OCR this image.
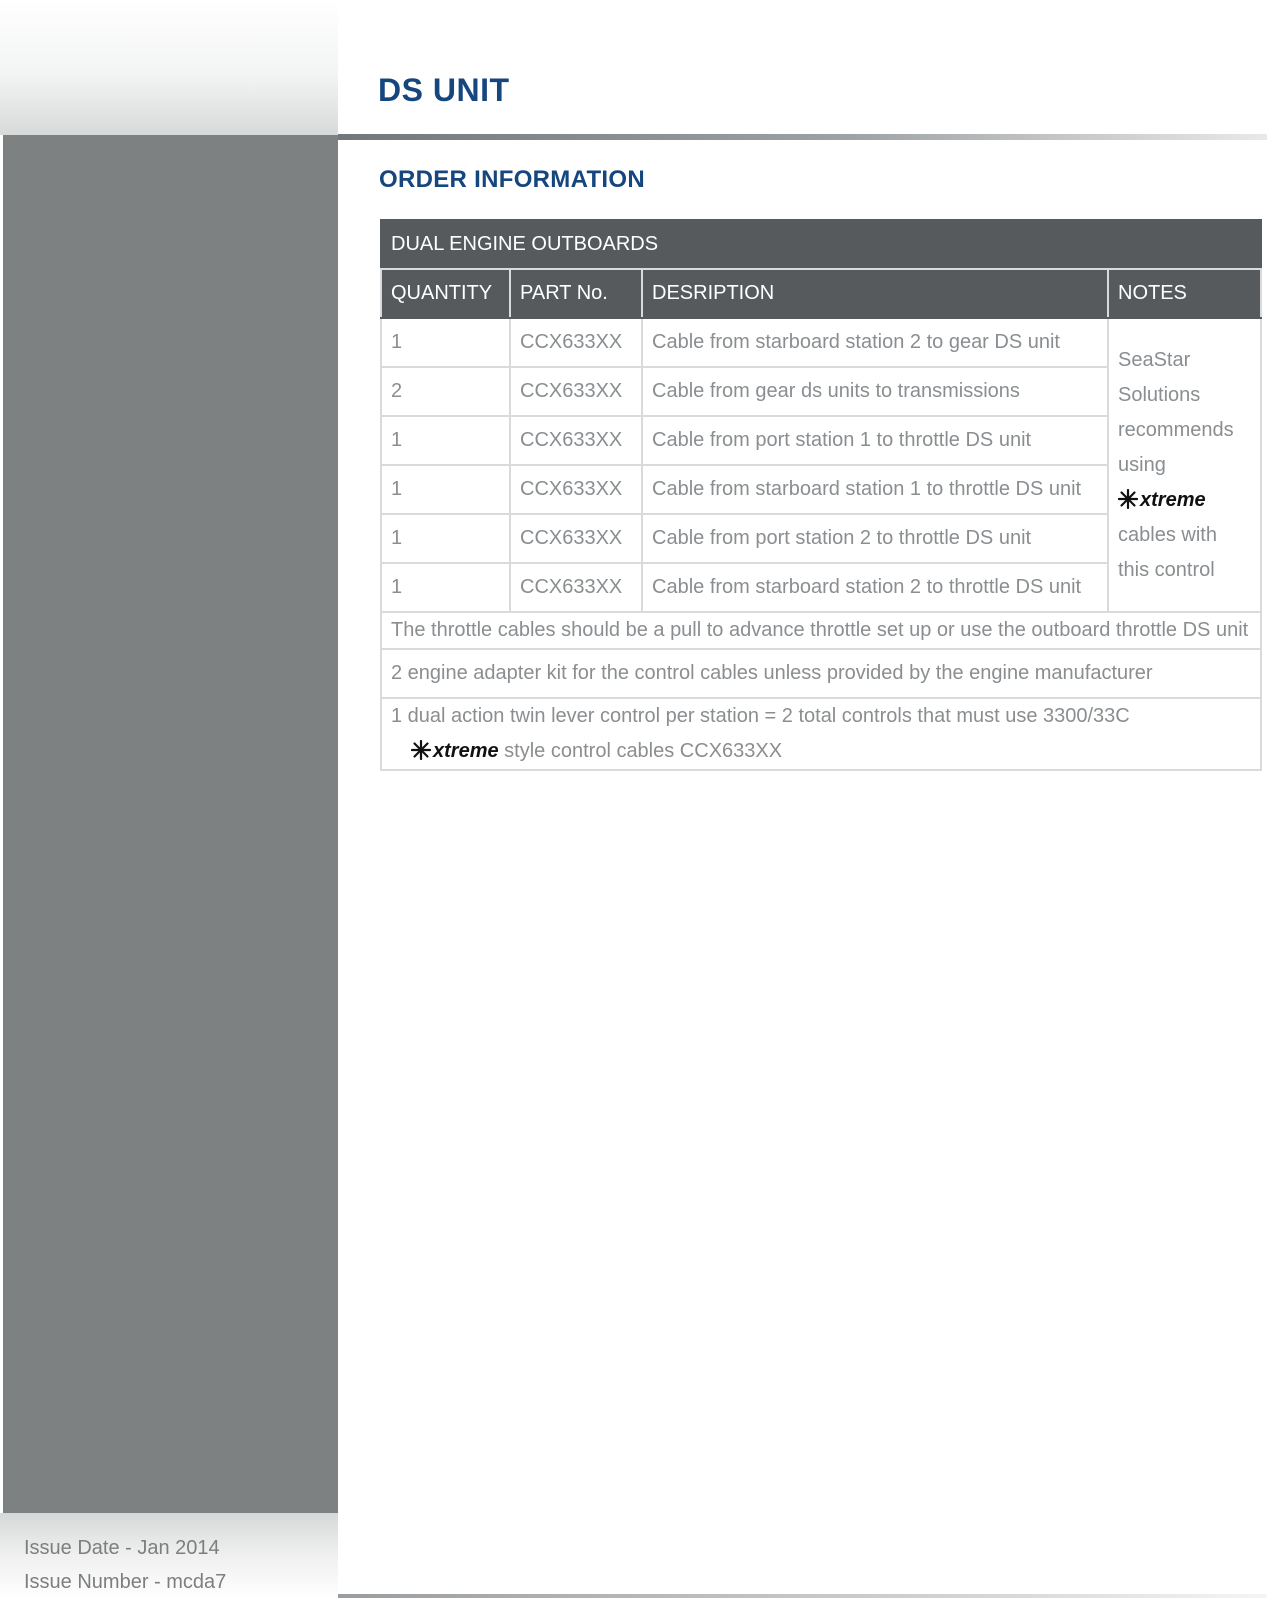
Issue Date - Jan 2014
Issue Number - mcda7
DS UNIT
ORDER INFORMATION
DUAL ENGINE OUTBOARDS			
QUANTITY	PART No.	DESRIPTION	NOTES
1	CCX633XX	Cable from starboard station 2 to gear DS unit	SeaStar Solutions recommends using
xtreme cables with this control
2	CCX633XX	Cable from gear ds units to transmissions	
1	CCX633XX	Cable from port station 1 to throttle DS unit	
1	CCX633XX	Cable from starboard station 1 to throttle DS unit	
1	CCX633XX	Cable from port station 2 to throttle DS unit	
1	CCX633XX	Cable from starboard station 2 to throttle DS unit	
The throttle cables should be a pull to advance throttle set up or use the outboard throttle DS unit			
2 engine adapter kit for the control cables unless provided by the engine manufacturer			
1 dual action twin lever control per station = 2 total controls that must use 3300/33C
xtreme style control cables CCX633XX			
